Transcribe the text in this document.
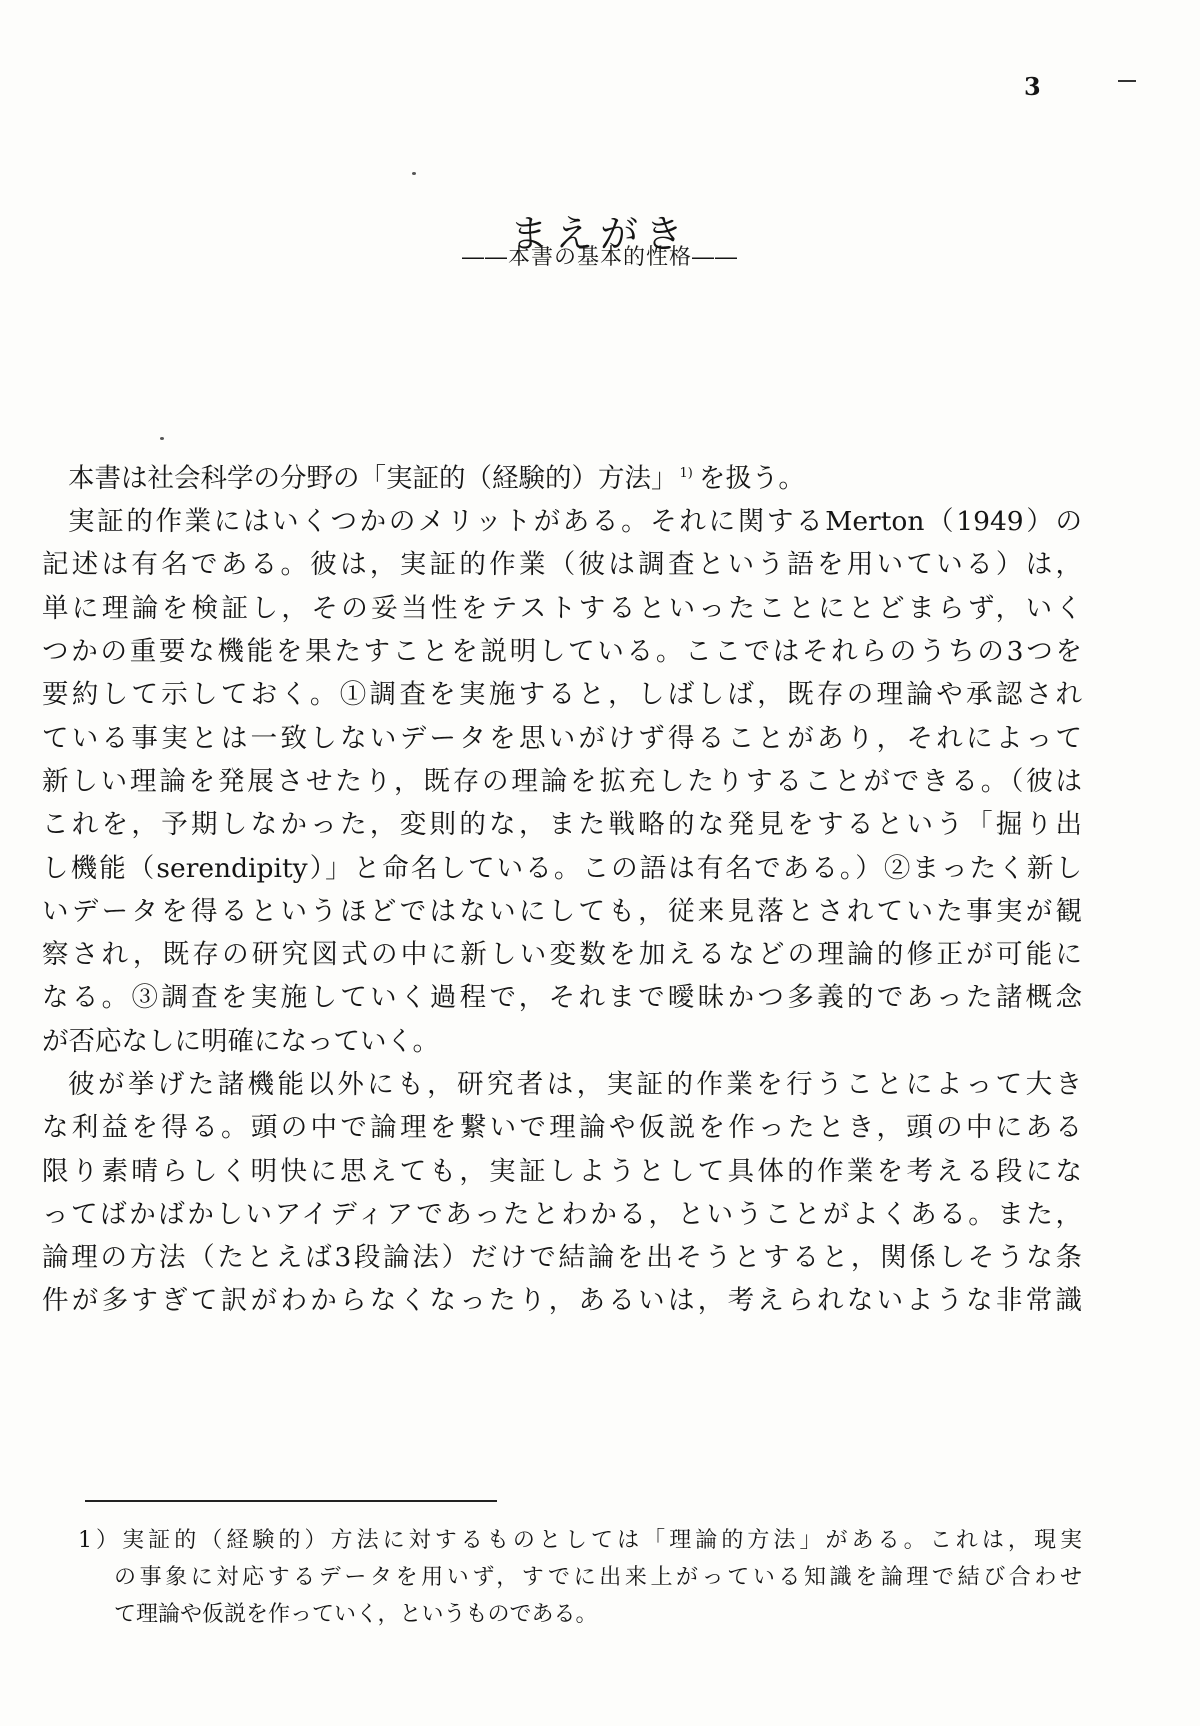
3
まえがき
――本書の基本的性格――
本書は社会科学の分野の「実証的（経験的）方法」 $^{1)}$ を扱う。
実証的作業にはいくつかのメリットがある。それに関するMerton（1949）の
記述は有名である。彼は，実証的作業（彼は調査という語を用いている）は，
単に理論を検証し，その妥当性をテストするといったことにとどまらず，いく
つかの重要な機能を果たすことを説明している。ここではそれらのうちの3つを
要約して示しておく。①調査を実施すると，しばしば，既存の理論や承認され
ている事実とは一致しないデータを思いがけず得ることがあり，それによって
新しい理論を発展させたり，既存の理論を拡充したりすることができる。（彼は
これを，予期しなかった，変則的な，また戦略的な発見をするという「掘り出
し機能（serendipity）」と命名している。この語は有名である。）②まったく新し
いデータを得るというほどではないにしても，従来見落とされていた事実が観
察され，既存の研究図式の中に新しい変数を加えるなどの理論的修正が可能に
なる。③調査を実施していく過程で，それまで曖昧かつ多義的であった諸概念
が否応なしに明確になっていく。
彼が挙げた諸機能以外にも，研究者は，実証的作業を行うことによって大き
な利益を得る。頭の中で論理を繋いで理論や仮説を作ったとき，頭の中にある
限り素晴らしく明快に思えても，実証しようとして具体的作業を考える段にな
ってばかばかしいアイディアであったとわかる，ということがよくある。また，
論理の方法（たとえば3段論法）だけで結論を出そうとすると，関係しそうな条
件が多すぎて訳がわからなくなったり，あるいは，考えられないような非常識
1）実証的（経験的）方法に対するものとしては「理論的方法」がある。これは，現実
の事象に対応するデータを用いず，すでに出来上がっている知識を論理で結び合わせ
て理論や仮説を作っていく，というものである。
